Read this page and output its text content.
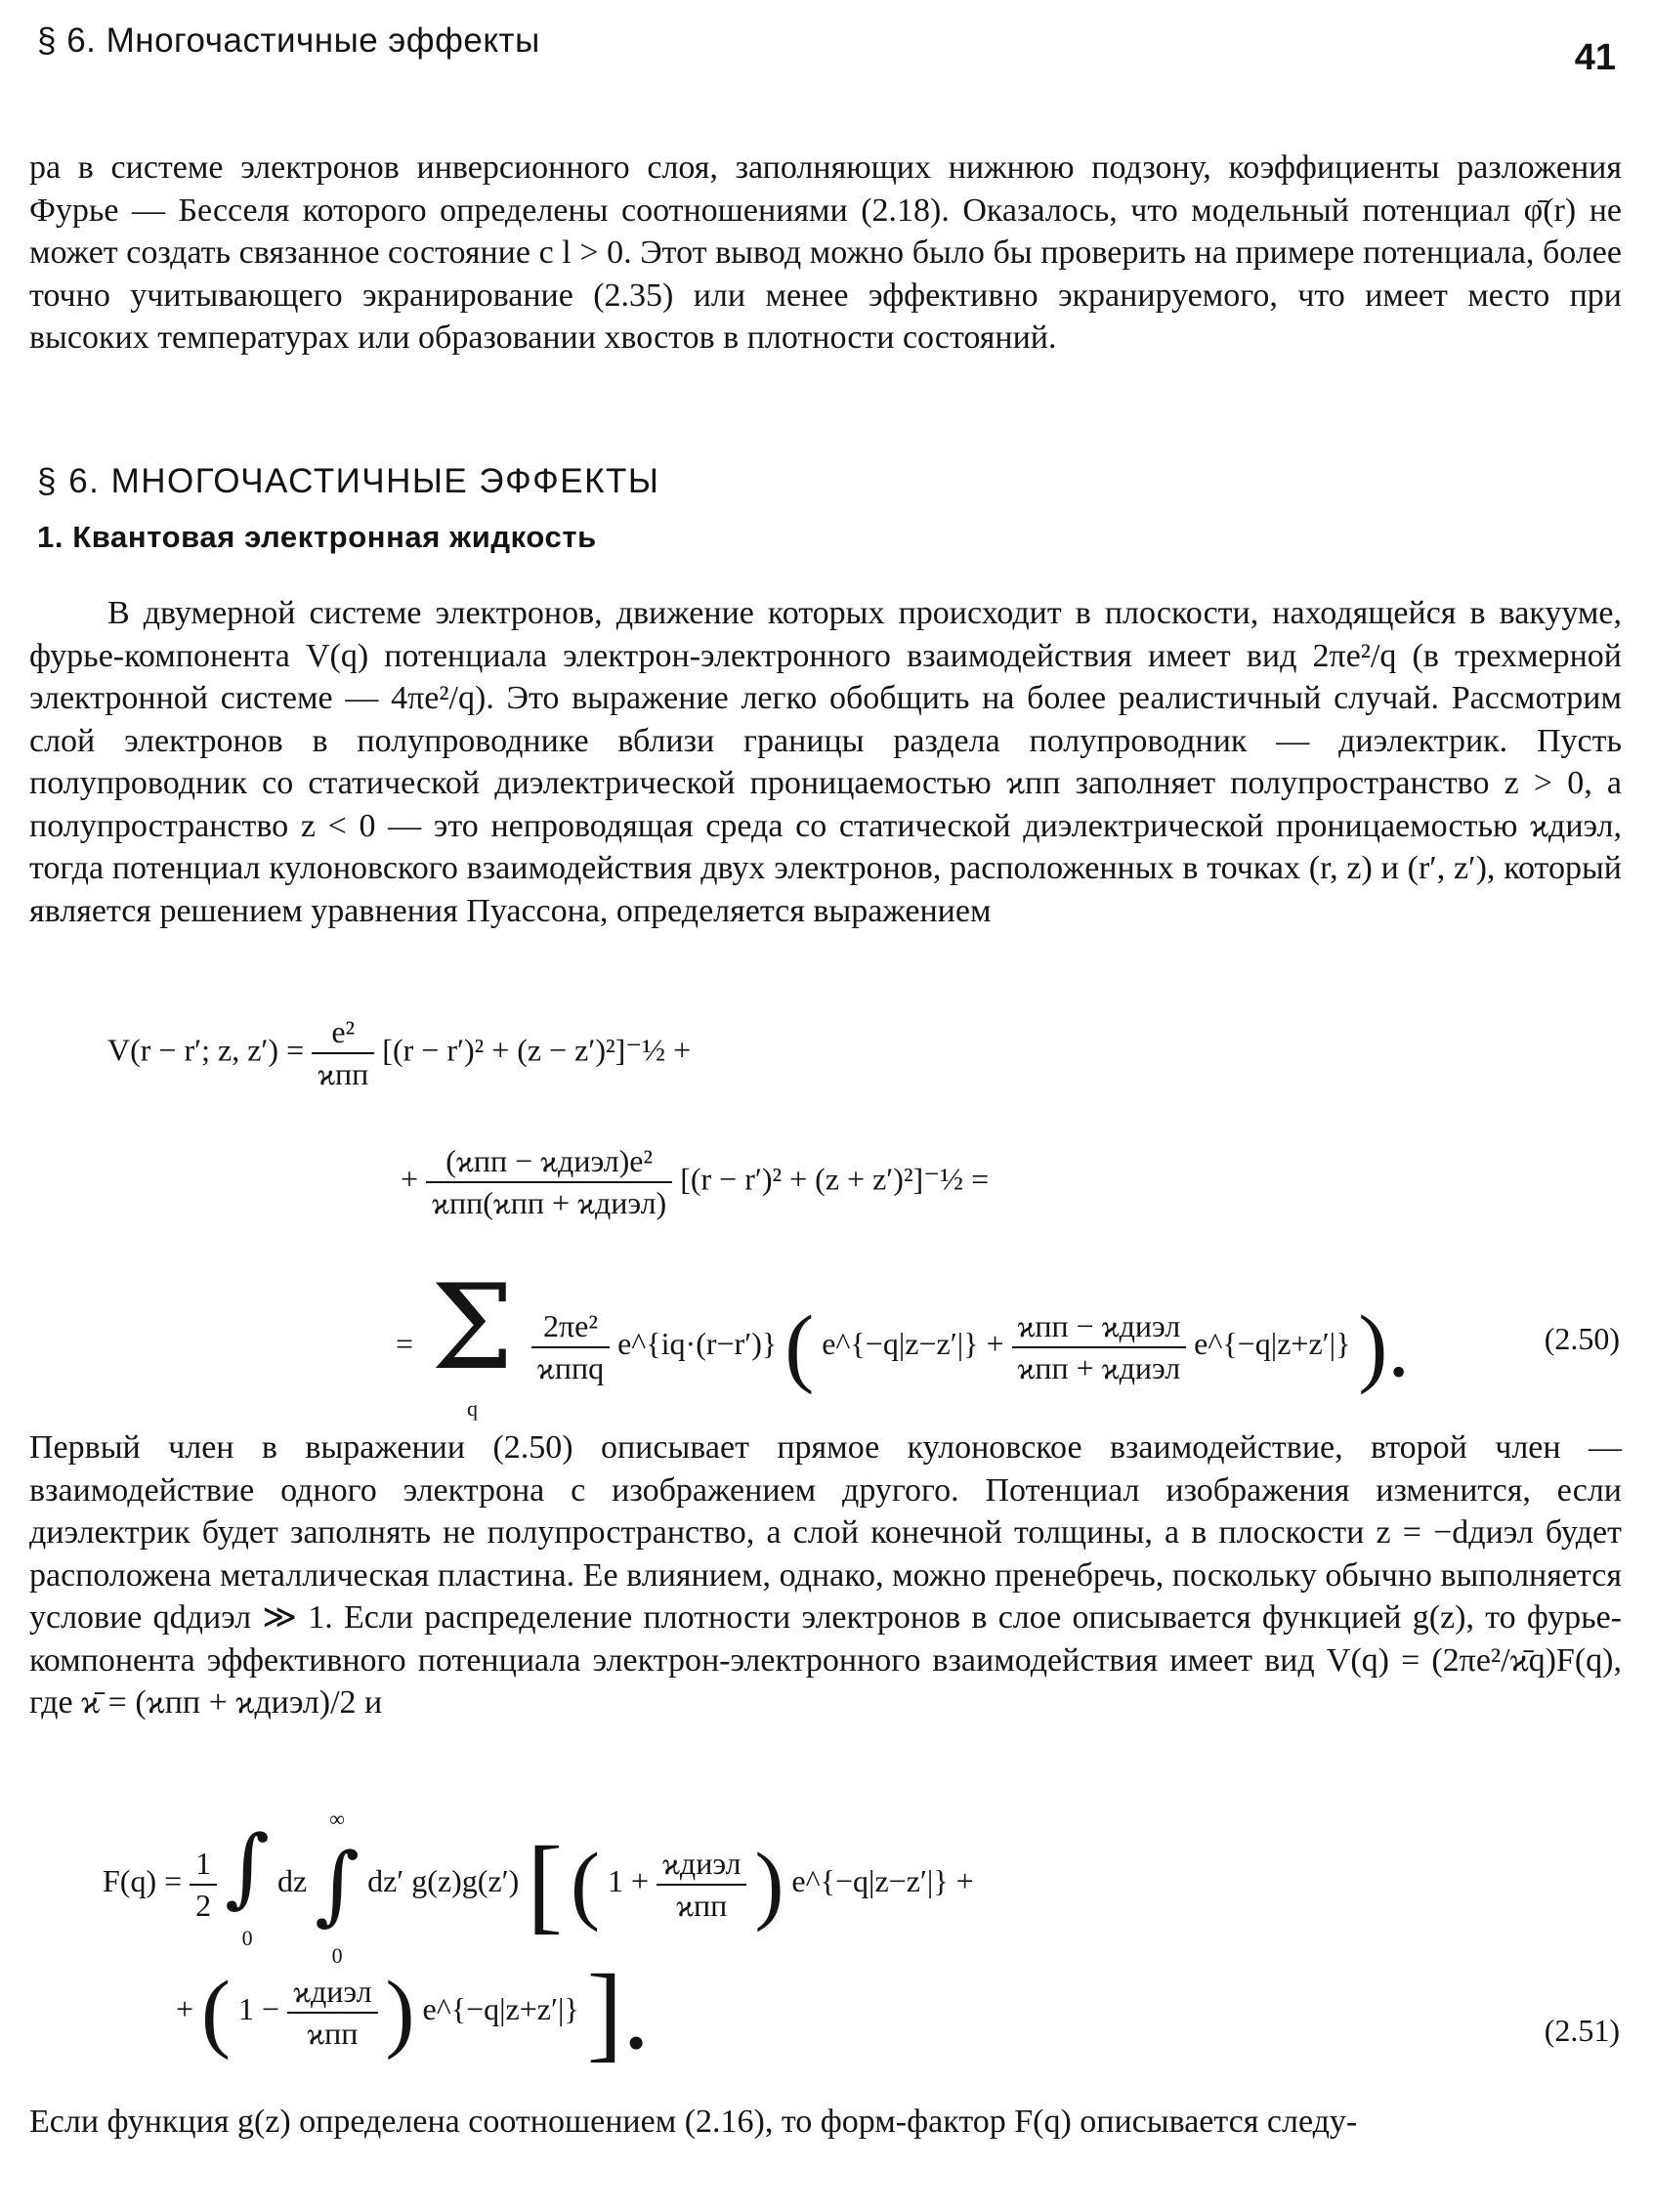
§ 6. Многочастичные эффекты	41
ра в системе электронов инверсионного слоя, заполняющих нижнюю подзону, коэффициенты разложения Фурье — Бесселя которого определены соотношениями (2.18). Оказалось, что модельный потенциал φ̄(r) не может создать связанное состояние с l > 0. Этот вывод можно было бы проверить на примере потенциала, более точно учитывающего экранирование (2.35) или менее эффективно экранируемого, что имеет место при высоких температурах или образовании хвостов в плотности состояний.
§ 6. МНОГОЧАСТИЧНЫЕ ЭФФЕКТЫ
1. Квантовая электронная жидкость
В двумерной системе электронов, движение которых происходит в плоскости, находящейся в вакууме, фурье-компонента V(q) потенциала электрон-электронного взаимодействия имеет вид 2πe²/q (в трехмерной электронной системе — 4πe²/q). Это выражение легко обобщить на более реалистичный случай. Рассмотрим слой электронов в полупроводнике вблизи границы раздела полупроводник — диэлектрик. Пусть полупроводник со статической диэлектрической проницаемостью ϰпп заполняет полупространство z > 0, а полупространство z < 0 — это непроводящая среда со статической диэлектрической проницаемостью ϰдиэл, тогда потенциал кулоновского взаимодействия двух электронов, расположенных в точках (r, z) и (r′, z′), который является решением уравнения Пуассона, определяется выражением
V(r − r′; z, $z') = \frac{\text{e²}}{\text{ϰпп}} [(r - r')^2 + (z$ − z′)²]⁻½ +
+ $\frac{\text{(ϰпп − ϰдиэл)e²}}{\text{ϰпп(ϰпп + ϰдиэл)}} [(r - r')^2 + (z$ + z′)²]⁻½ =
= Σ
q
$\frac{\text{2πe²}}{\text{ϰппq}}$ e^{iq·(r−r′)} ( e^{−q|z−z′|} + $\frac{\text{ϰпп − ϰдиэл}}{\text{ϰпп + ϰдиэл}}$ e^{−q|z+z′|} ).	(2.50)
Первый член в выражении (2.50) описывает прямое кулоновское взаимодействие, второй член — взаимодействие одного электрона с изображением другого. Потенциал изображения изменится, если диэлектрик будет заполнять не полупространство, а слой конечной толщины, а в плоскости z = −dдиэл будет расположена металлическая пластина. Ее влиянием, однако, можно пренебречь, поскольку обычно выполняется условие qdдиэл ≫ 1. Если распределение плотности электронов в слое описывается функцией g(z), то фурье-компонента эффективного потенциала электрон-электронного взаимодействия имеет вид V(q) = (2πe²/ϰ̄q)F(q), где ϰ̄ = (ϰпп + ϰдиэл)/2 и
$F(q) = \frac{1}{2}$ ∫
0 dz ∞
∫
0 dz′ g(z)g(z′) [ ( $1 + \frac{\text{ϰдиэл}}{\text{ϰпп}}$ ) e^{−q|z−z′|} +
+ ( $1 - \frac{\text{ϰдиэл}}{\text{ϰпп}}$ ) e^{−q|z+z′|} ].	(2.51)
Если функция g(z) определена соотношением (2.16), то форм-фактор F(q) описывается следу-
